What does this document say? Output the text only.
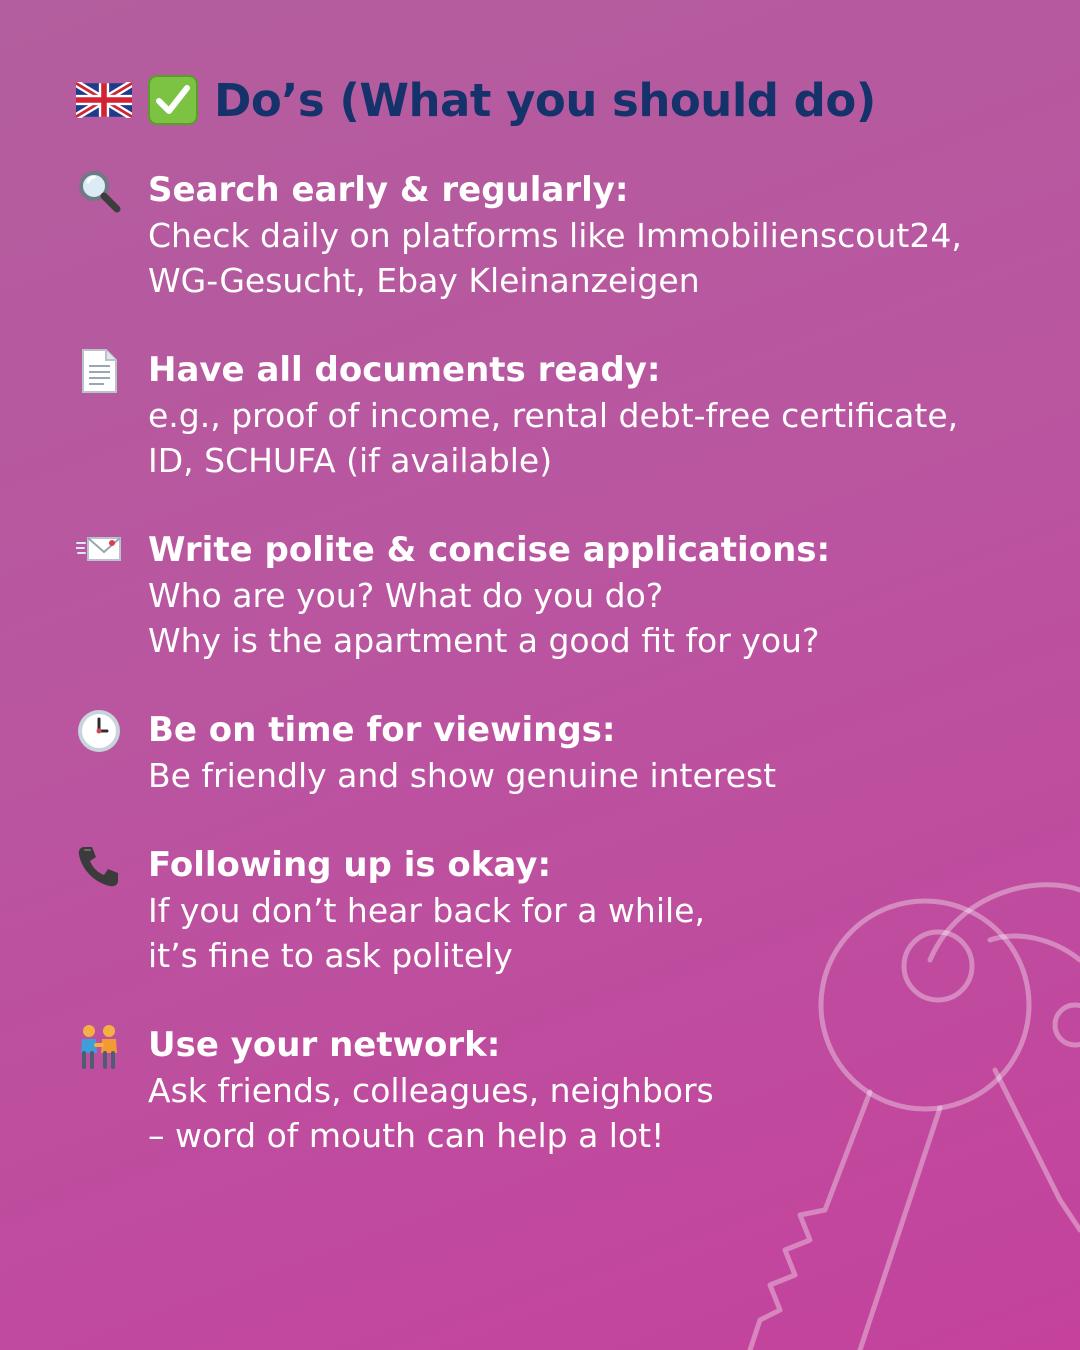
Do’s (What you should do)
Search early & regularly:
Check daily on platforms like Immobilienscout24,
WG-Gesucht, Ebay Kleinanzeigen
Have all documents ready:
e.g., proof of income, rental debt-free certificate,
ID, SCHUFA (if available)
Write polite & concise applications:
Who are you? What do you do?
Why is the apartment a good fit for you?
Be on time for viewings:
Be friendly and show genuine interest
Following up is okay:
If you don’t hear back for a while,
it’s fine to ask politely
Use your network:
Ask friends, colleagues, neighbors
– word of mouth can help a lot!
